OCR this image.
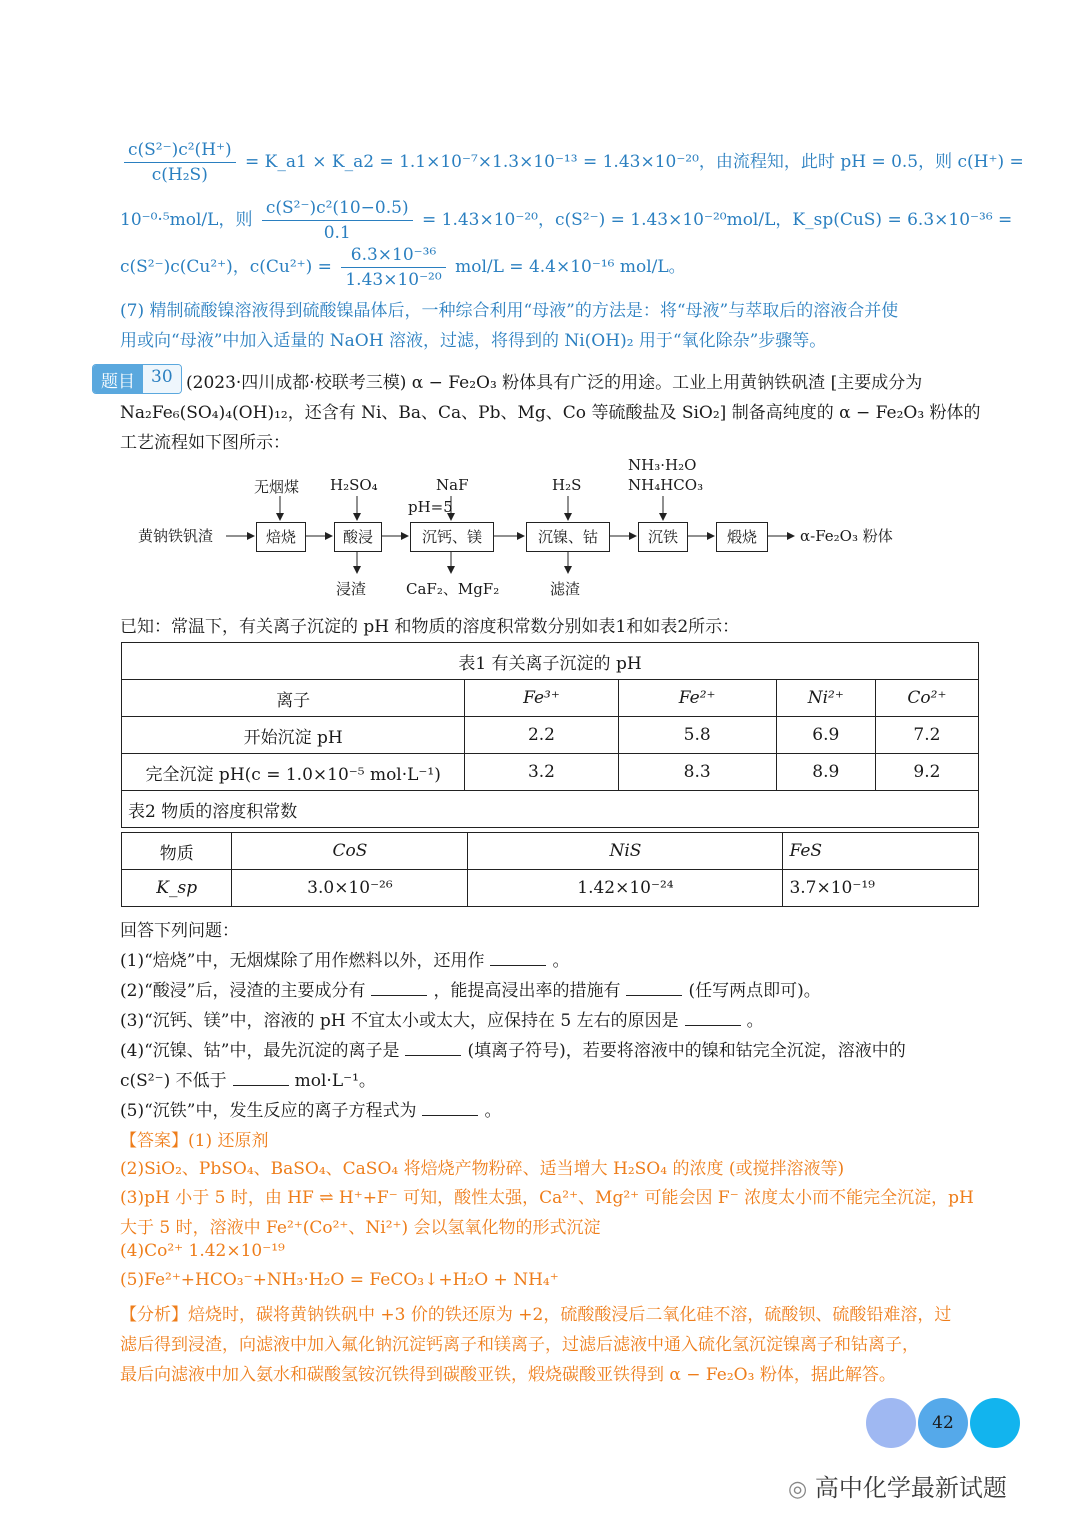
$\frac{\text{c(S²⁻)c²(H⁺)}}{\text{c(H₂S)}}$ = K_a1 × K_a2 = 1.1×10⁻⁷×1.3×10⁻¹³ = 1.43×10⁻²⁰，由流程知，此时 pH = 0.5，则 c(H⁺) =
10⁻⁰·⁵mol/L，则 $\frac{\text{c(S²⁻)c²(10−0.5)}}{0.1} = 1.43\times 10^{-20}$，c(S²⁻) = 1.43×10⁻²⁰mol/L，K_sp(CuS) = 6.3×10⁻³⁶ =
c(S²⁻)c(Cu²⁺)，$c(Cu^{2+}) = \frac{\text{6.3×10⁻³⁶}}{\text{1.43×10⁻²⁰}} mol/L = 4.4\times 10^{-16}$ mol/L。
(7) 精制硫酸镍溶液得到硫酸镍晶体后，一种综合利用“母液”的方法是：将“母液”与萃取后的溶液合并使
用或向“母液”中加入适量的 NaOH 溶液，过滤，将得到的 Ni(OH)₂ 用于“氧化除杂”步骤等。
题目 30 (2023·四川成都·校联考三模) α − Fe₂O₃ 粉体具有广泛的用途。工业上用黄钠铁矾渣 [主要成分为
Na₂Fe₆(SO₄)₄(OH)₁₂，还含有 Ni、Ba、Ca、Pb、Mg、Co 等硫酸盐及 SiO₂] 制备高纯度的 α − Fe₂O₃ 粉体的
工艺流程如下图所示：
黄钠铁钒渣	焙烧	酸浸	沉钙、镁	沉镍、钴	沉铁	煅烧	α-Fe₂O₃ 粉体
无烟煤 H₂SO₄	NaF
pH=5
H₂S
NH₃·H₂O
NH₄HCO₃
浸渣	CaF₂、MgF₂	滤渣
已知：常温下，有关离子沉淀的 pH 和物质的溶度积常数分别如表1和如表2所示：
表1 有关离子沉淀的 pH				
离子	Fe³⁺	Fe²⁺	Ni²⁺	Co²⁺
开始沉淀 pH	2.2	5.8	6.9	7.2
完全沉淀 pH(c = 1.0×10⁻⁵ mol·L⁻¹)	3.2	8.3	8.9	9.2
表2 物质的溶度积常数				
物质	CoS	NiS	FeS
K_sp	3.0×10⁻²⁶	1.42×10⁻²⁴	3.7×10⁻¹⁹
回答下列问题：
(1)“焙烧”中，无烟煤除了用作燃料以外，还用作	。
(2)“酸浸”后，浸渣的主要成分有	，能提高浸出率的措施有	(任写两点即可)。
(3)“沉钙、镁”中，溶液的 pH 不宜太小或太大，应保持在 5 左右的原因是	。
(4)“沉镍、钴”中，最先沉淀的离子是	(填离子符号)，若要将溶液中的镍和钴完全沉淀，溶液中的
c(S²⁻) 不低于	mol·L⁻¹。
(5)“沉铁”中，发生反应的离子方程式为	。
【答案】(1) 还原剂
(2)SiO₂、PbSO₄、BaSO₄、CaSO₄ 将焙烧产物粉碎、适当增大 H₂SO₄ 的浓度 (或搅拌溶液等)
(3)pH 小于 5 时，由 HF ⇌ H⁺+F⁻ 可知，酸性太强，Ca²⁺、Mg²⁺ 可能会因 F⁻ 浓度太小而不能完全沉淀，pH
大于 5 时，溶液中 Fe²⁺(Co²⁺、Ni²⁺) 会以氢氧化物的形式沉淀
(4)Co²⁺ 1.42×10⁻¹⁹
(5)Fe²⁺+HCO₃⁻+NH₃·H₂O = FeCO₃↓+H₂O + NH₄⁺
【分析】焙烧时，碳将黄钠铁矾中 +3 价的铁还原为 +2，硫酸酸浸后二氧化硅不溶，硫酸钡、硫酸铅难溶，过
滤后得到浸渣，向滤液中加入氟化钠沉淀钙离子和镁离子，过滤后滤液中通入硫化氢沉淀镍离子和钴离子，
最后向滤液中加入氨水和碳酸氢铵沉铁得到碳酸亚铁，煅烧碳酸亚铁得到 α − Fe₂O₃ 粉体，据此解答。
42
◎ 高中化学最新试题
